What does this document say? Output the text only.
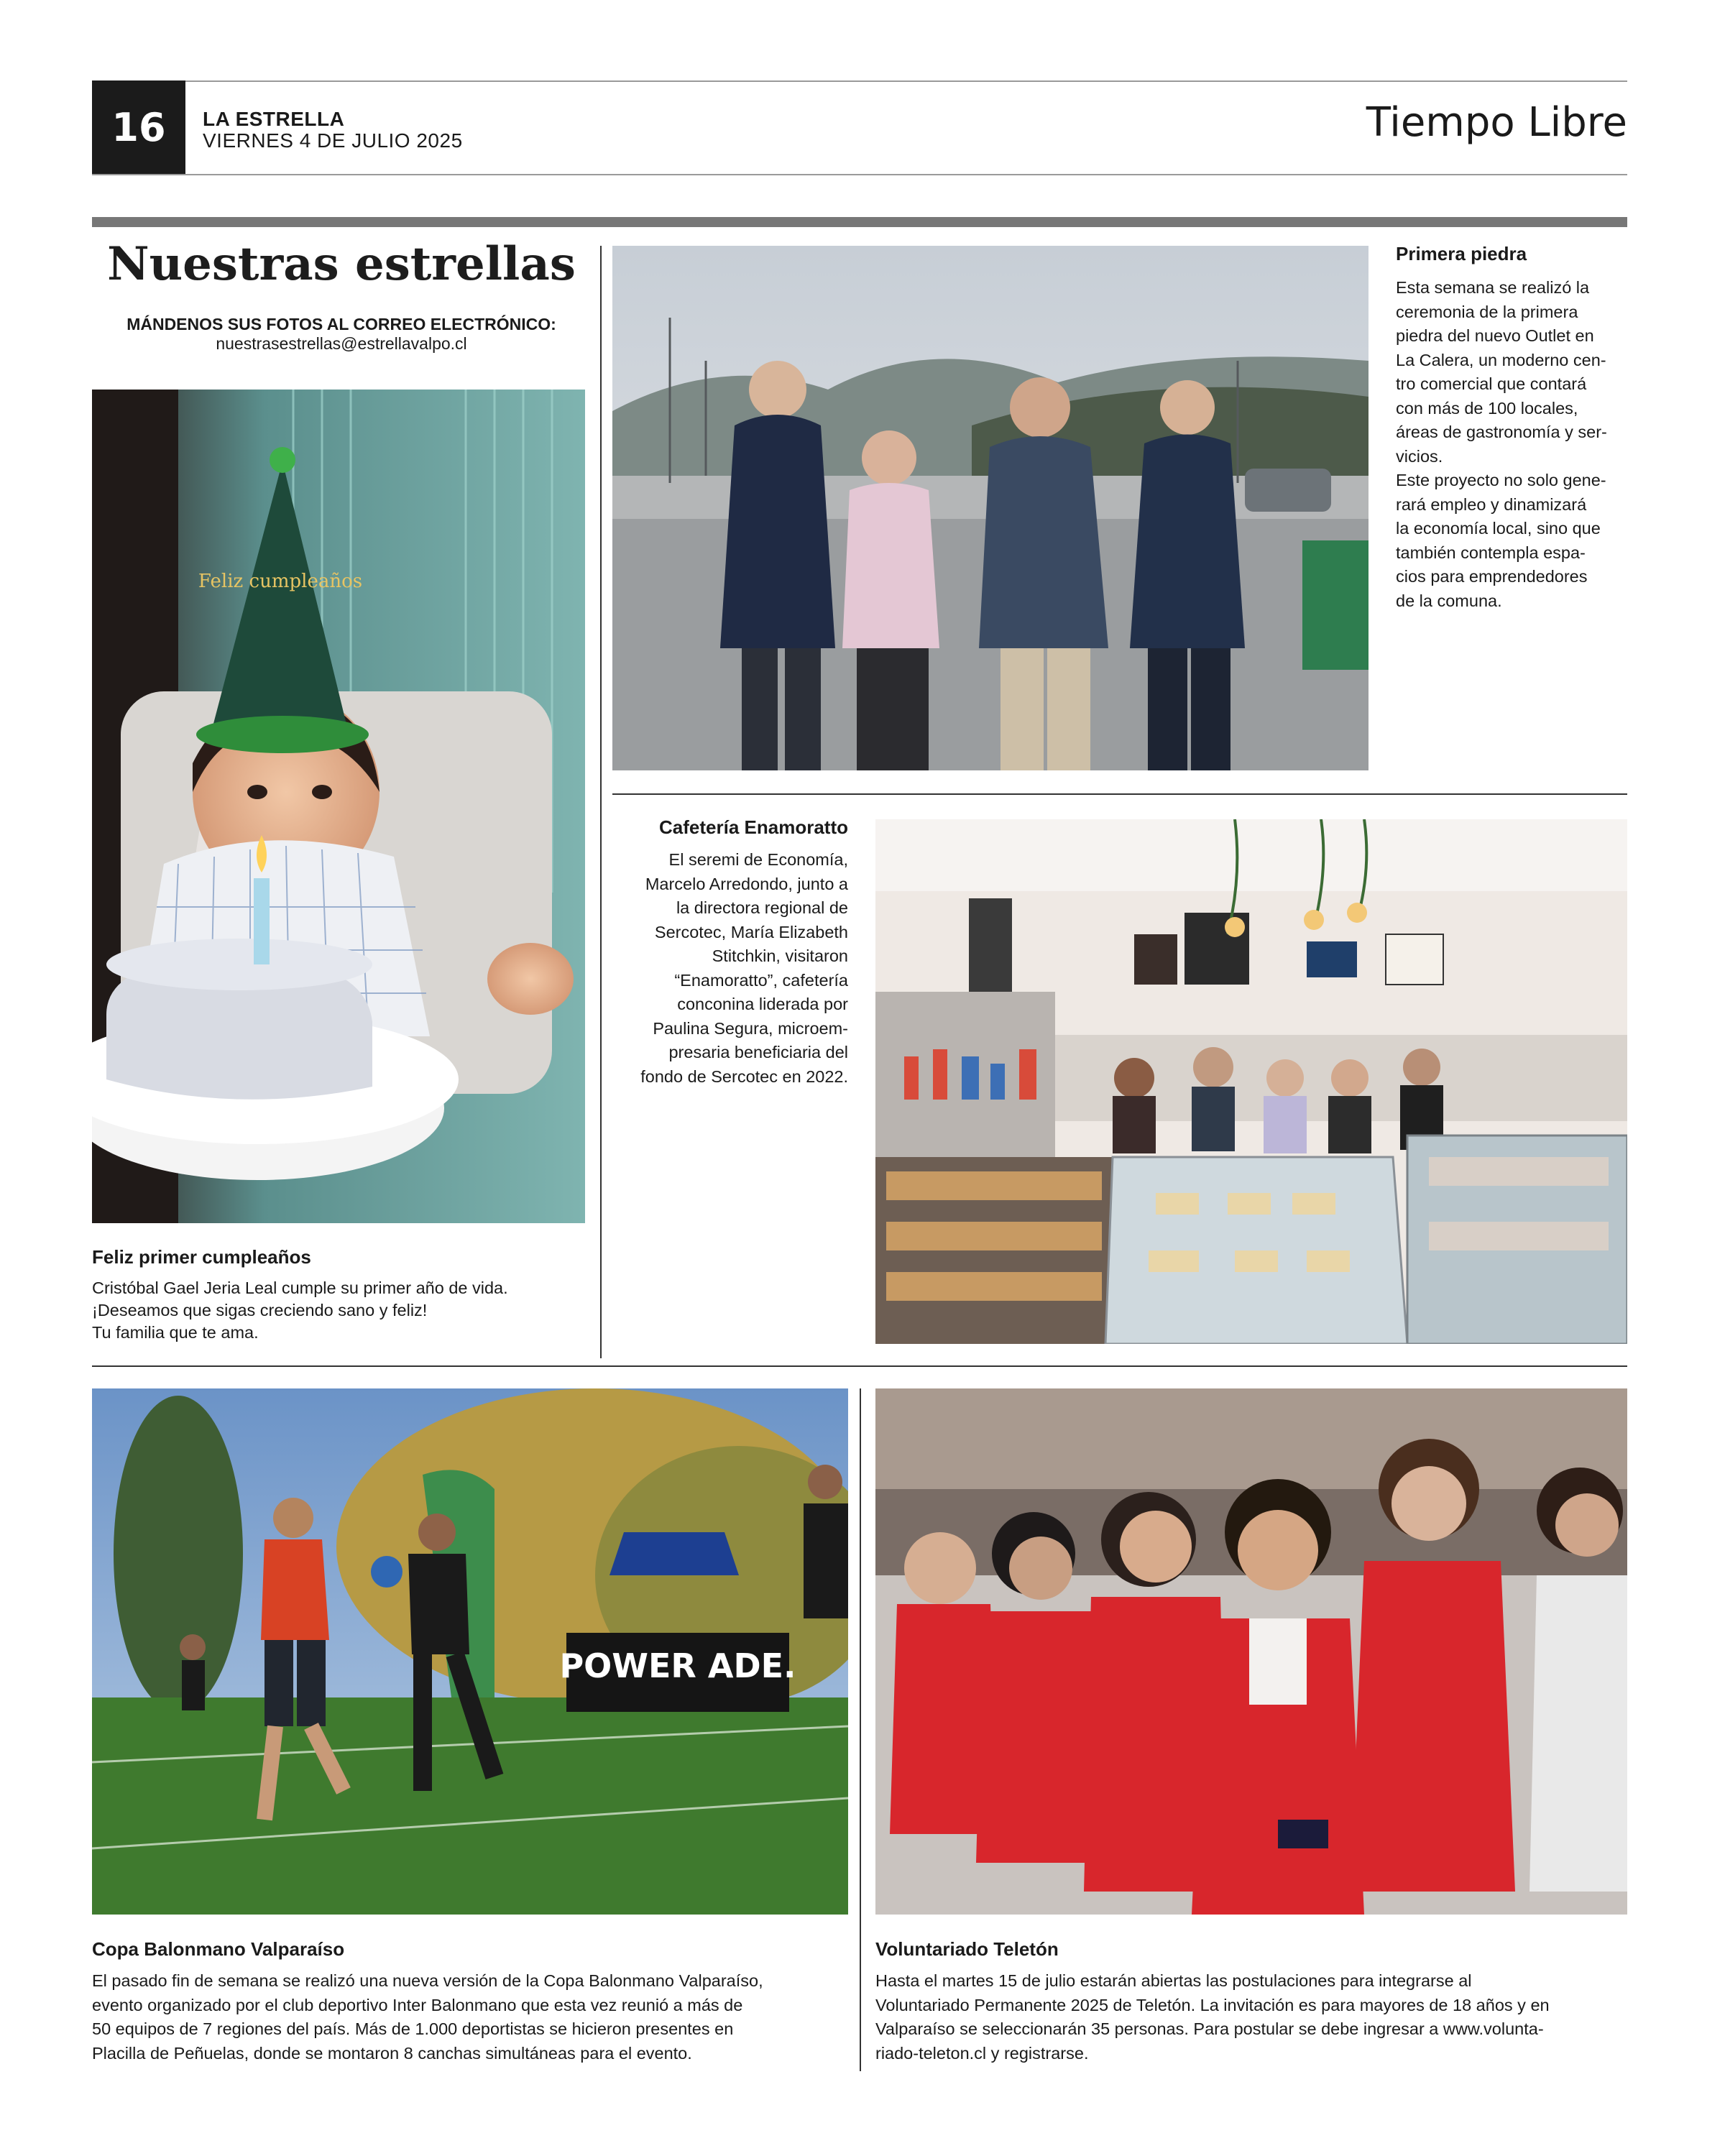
16	LA ESTRELLA
VIERNES 4 DE JULIO 2025	Tiempo Libre
Nuestras estrellas
MÁNDENOS SUS FOTOS AL CORREO ELECTRÓNICO:
nuestrasestrellas@estrellavalpo.cl
Feliz cumpleaños
Feliz primer cumpleaños
Cristóbal Gael Jeria Leal cumple su primer año de vida.
¡Deseamos que sigas creciendo sano y feliz!
Tu familia que te ama.
Primera piedra
Esta semana se realizó la
ceremonia de la primera
piedra del nuevo Outlet en
La Calera, un moderno cen-
tro comercial que contará
con más de 100 locales,
áreas de gastronomía y ser-
vicios.
Este proyecto no solo gene-
rará empleo y dinamizará
la economía local, sino que
también contempla espa-
cios para emprendedores
de la comuna.
Cafetería Enamoratto
El seremi de Economía,
Marcelo Arredondo, junto a
la directora regional de
Sercotec, María Elizabeth
Stitchkin, visitaron
“Enamoratto”, cafetería
conconina liderada por
Paulina Segura, microem-
presaria beneficiaria del
fondo de Sercotec en 2022.
POWER ADE.
Copa Balonmano Valparaíso
El pasado fin de semana se realizó una nueva versión de la Copa Balonmano Valparaíso,
evento organizado por el club deportivo Inter Balonmano que esta vez reunió a más de
50 equipos de 7 regiones del país. Más de 1.000 deportistas se hicieron presentes en
Placilla de Peñuelas, donde se montaron 8 canchas simultáneas para el evento.
Voluntariado Teletón
Hasta el martes 15 de julio estarán abiertas las postulaciones para integrarse al
Voluntariado Permanente 2025 de Teletón. La invitación es para mayores de 18 años y en
Valparaíso se seleccionarán 35 personas. Para postular se debe ingresar a www.volunta-
riado-teleton.cl y registrarse.
